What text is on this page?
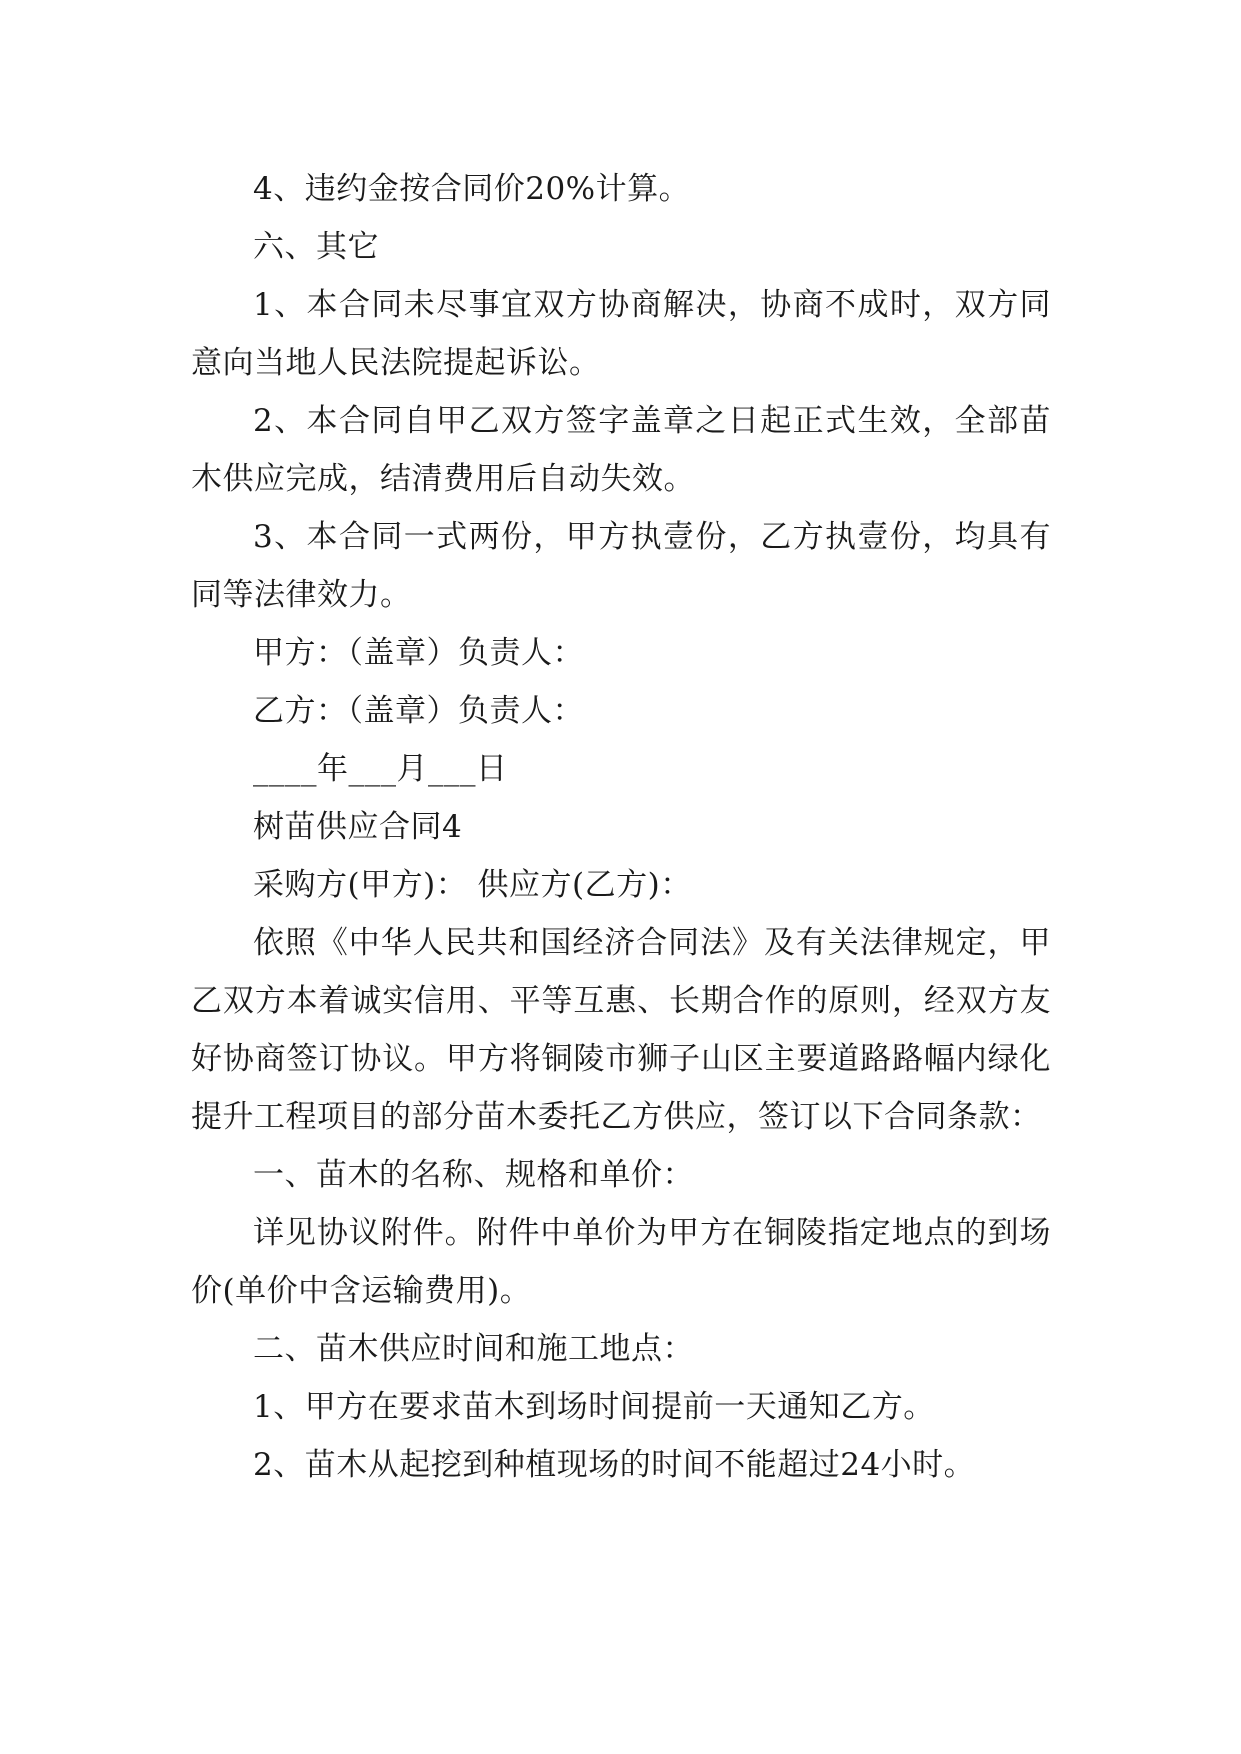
4、违约金按合同价20%计算。

六、其它

1、本合同未尽事宜双方协商解决，协商不成时，双方同意向当地人民法院提起诉讼。

2、本合同自甲乙双方签字盖章之日起正式生效，全部苗木供应完成，结清费用后自动失效。

3、本合同一式两份，甲方执壹份，乙方执壹份，均具有同等法律效力。

甲方：（盖章）负责人：

乙方：（盖章）负责人：

____年___月___日

树苗供应合同4

采购方(甲方)： 供应方(乙方)：

依照《中华人民共和国经济合同法》及有关法律规定，甲乙双方本着诚实信用、平等互惠、长期合作的原则，经双方友好协商签订协议。甲方将铜陵市狮子山区主要道路路幅内绿化提升工程项目的部分苗木委托乙方供应，签订以下合同条款：

一、苗木的名称、规格和单价：

详见协议附件。附件中单价为甲方在铜陵指定地点的到场价(单价中含运输费用)。

二、苗木供应时间和施工地点：

1、甲方在要求苗木到场时间提前一天通知乙方。

2、苗木从起挖到种植现场的时间不能超过24小时。
